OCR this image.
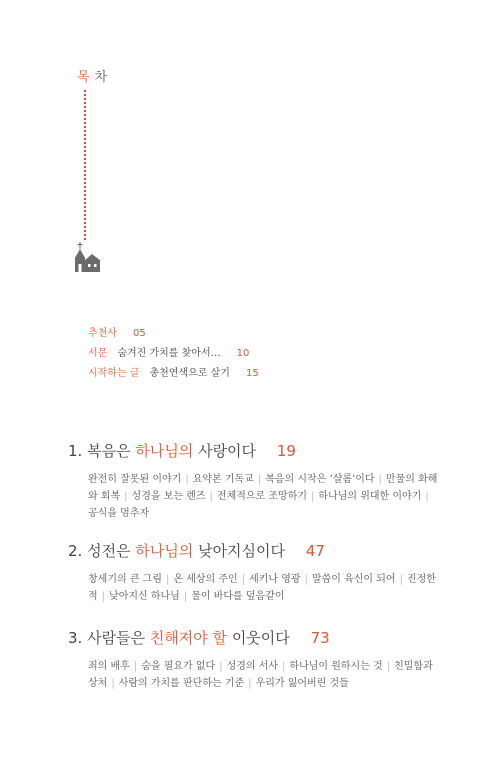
목 차
추천사 05
서문 숨겨진 가치를 찾아서… 10
시작하는 글 총천연색으로 살기 15
1. 복음은 하나님의 사랑이다 19
완전히 잘못된 이야기 | 요약본 기독교 | 복음의 시작은 ‘샬롬’이다 | 만물의 화해와 회복 | 성경을 보는 렌즈 | 전체적으로 조망하기 | 하나님의 위대한 이야기 |공식을 멈추자
2. 성전은 하나님의 낮아지심이다 47
창세기의 큰 그림 | 온 세상의 주인 | 세키나 영광 | 말씀이 육신이 되어 | 진정한 적 | 낮아지신 하나님 | 물이 바다를 덮음같이
3. 사람들은 친해져야 할 이웃이다 73
죄의 배후 | 숨을 필요가 없다 | 성경의 서사 | 하나님이 원하시는 것 | 친밀함과 상처 | 사람의 가치를 판단하는 기준 | 우리가 잃어버린 것들
